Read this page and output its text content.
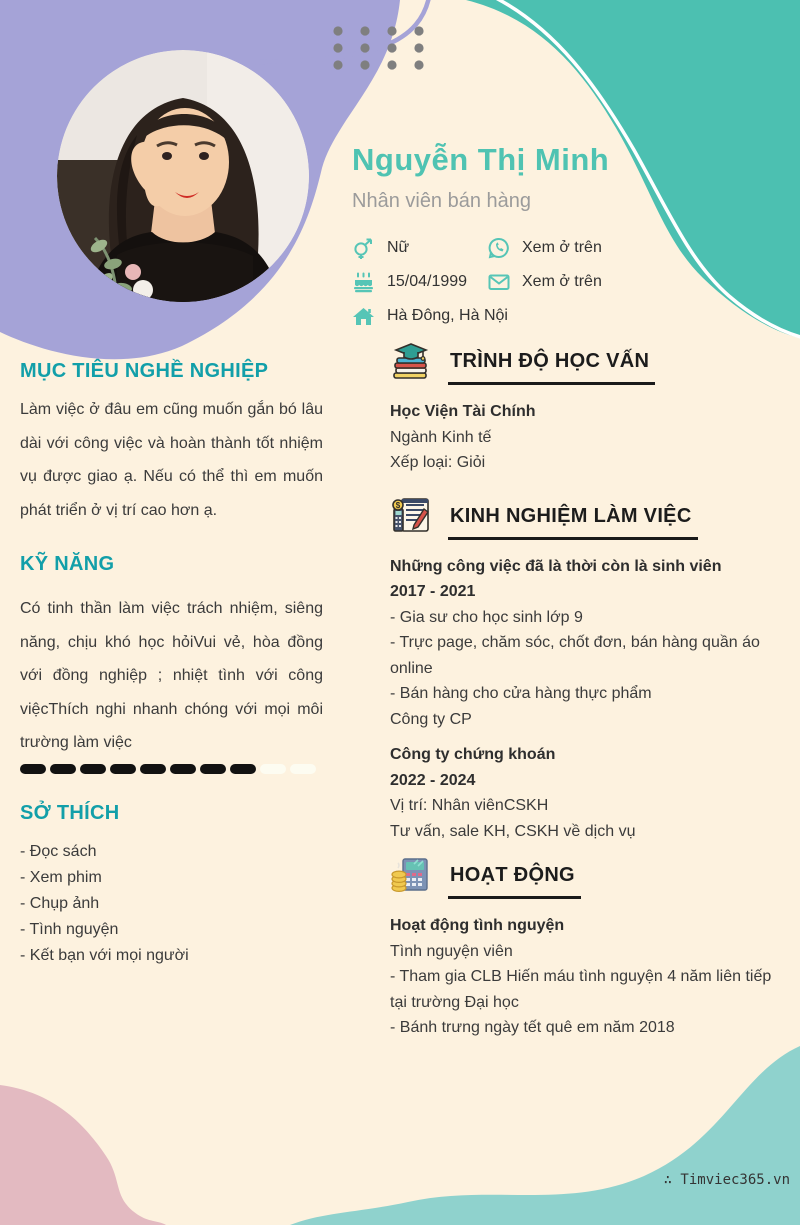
Nguyễn Thị Minh
Nhân viên bán hàng
Nữ	Xem ở trên
15/04/1999	Xem ở trên
Hà Đông, Hà Nội
MỤC TIÊU NGHỀ NGHIỆP

Làm việc ở đâu em cũng muốn gắn bó lâu dài với công việc và hoàn thành tốt nhiệm vụ được giao ạ. Nếu có thể thì em muốn phát triển ở vị trí cao hơn ạ.

KỸ NĂNG

Có tinh thần làm việc trách nhiệm, siêng năng, chịu khó học hỏiVui vẻ, hòa đồng với đồng nghiệp ; nhiệt tình với công việcThích nghi nhanh chóng với mọi môi trường làm việc

SỞ THÍCH
- Đọc sách
- Xem phim
- Chụp ảnh
- Tình nguyện
- Kết bạn với mọi người
TRÌNH ĐỘ HỌC VẤN
Học Viện Tài Chính
Ngành Kinh tế
Xếp loại: Giỏi
$ KINH NGHIỆM LÀM VIỆC
Những công việc đã là thời còn là sinh viên
2017 - 2021
- Gia sư cho học sinh lớp 9
- Trực page, chăm sóc, chốt đơn, bán hàng quần áo online
- Bán hàng cho cửa hàng thực phẩm
Công ty CP
Công ty chứng khoán
2022 - 2024
Vị trí: Nhân viênCSKH
Tư vấn, sale KH, CSKH về dịch vụ
HOẠT ĐỘNG
Hoạt động tình nguyện
Tình nguyện viên
- Tham gia CLB Hiến máu tình nguyện 4 năm liên tiếp tại trường Đại học
- Bánh trưng ngày tết quê em năm 2018
∴ Timviec365.vn
